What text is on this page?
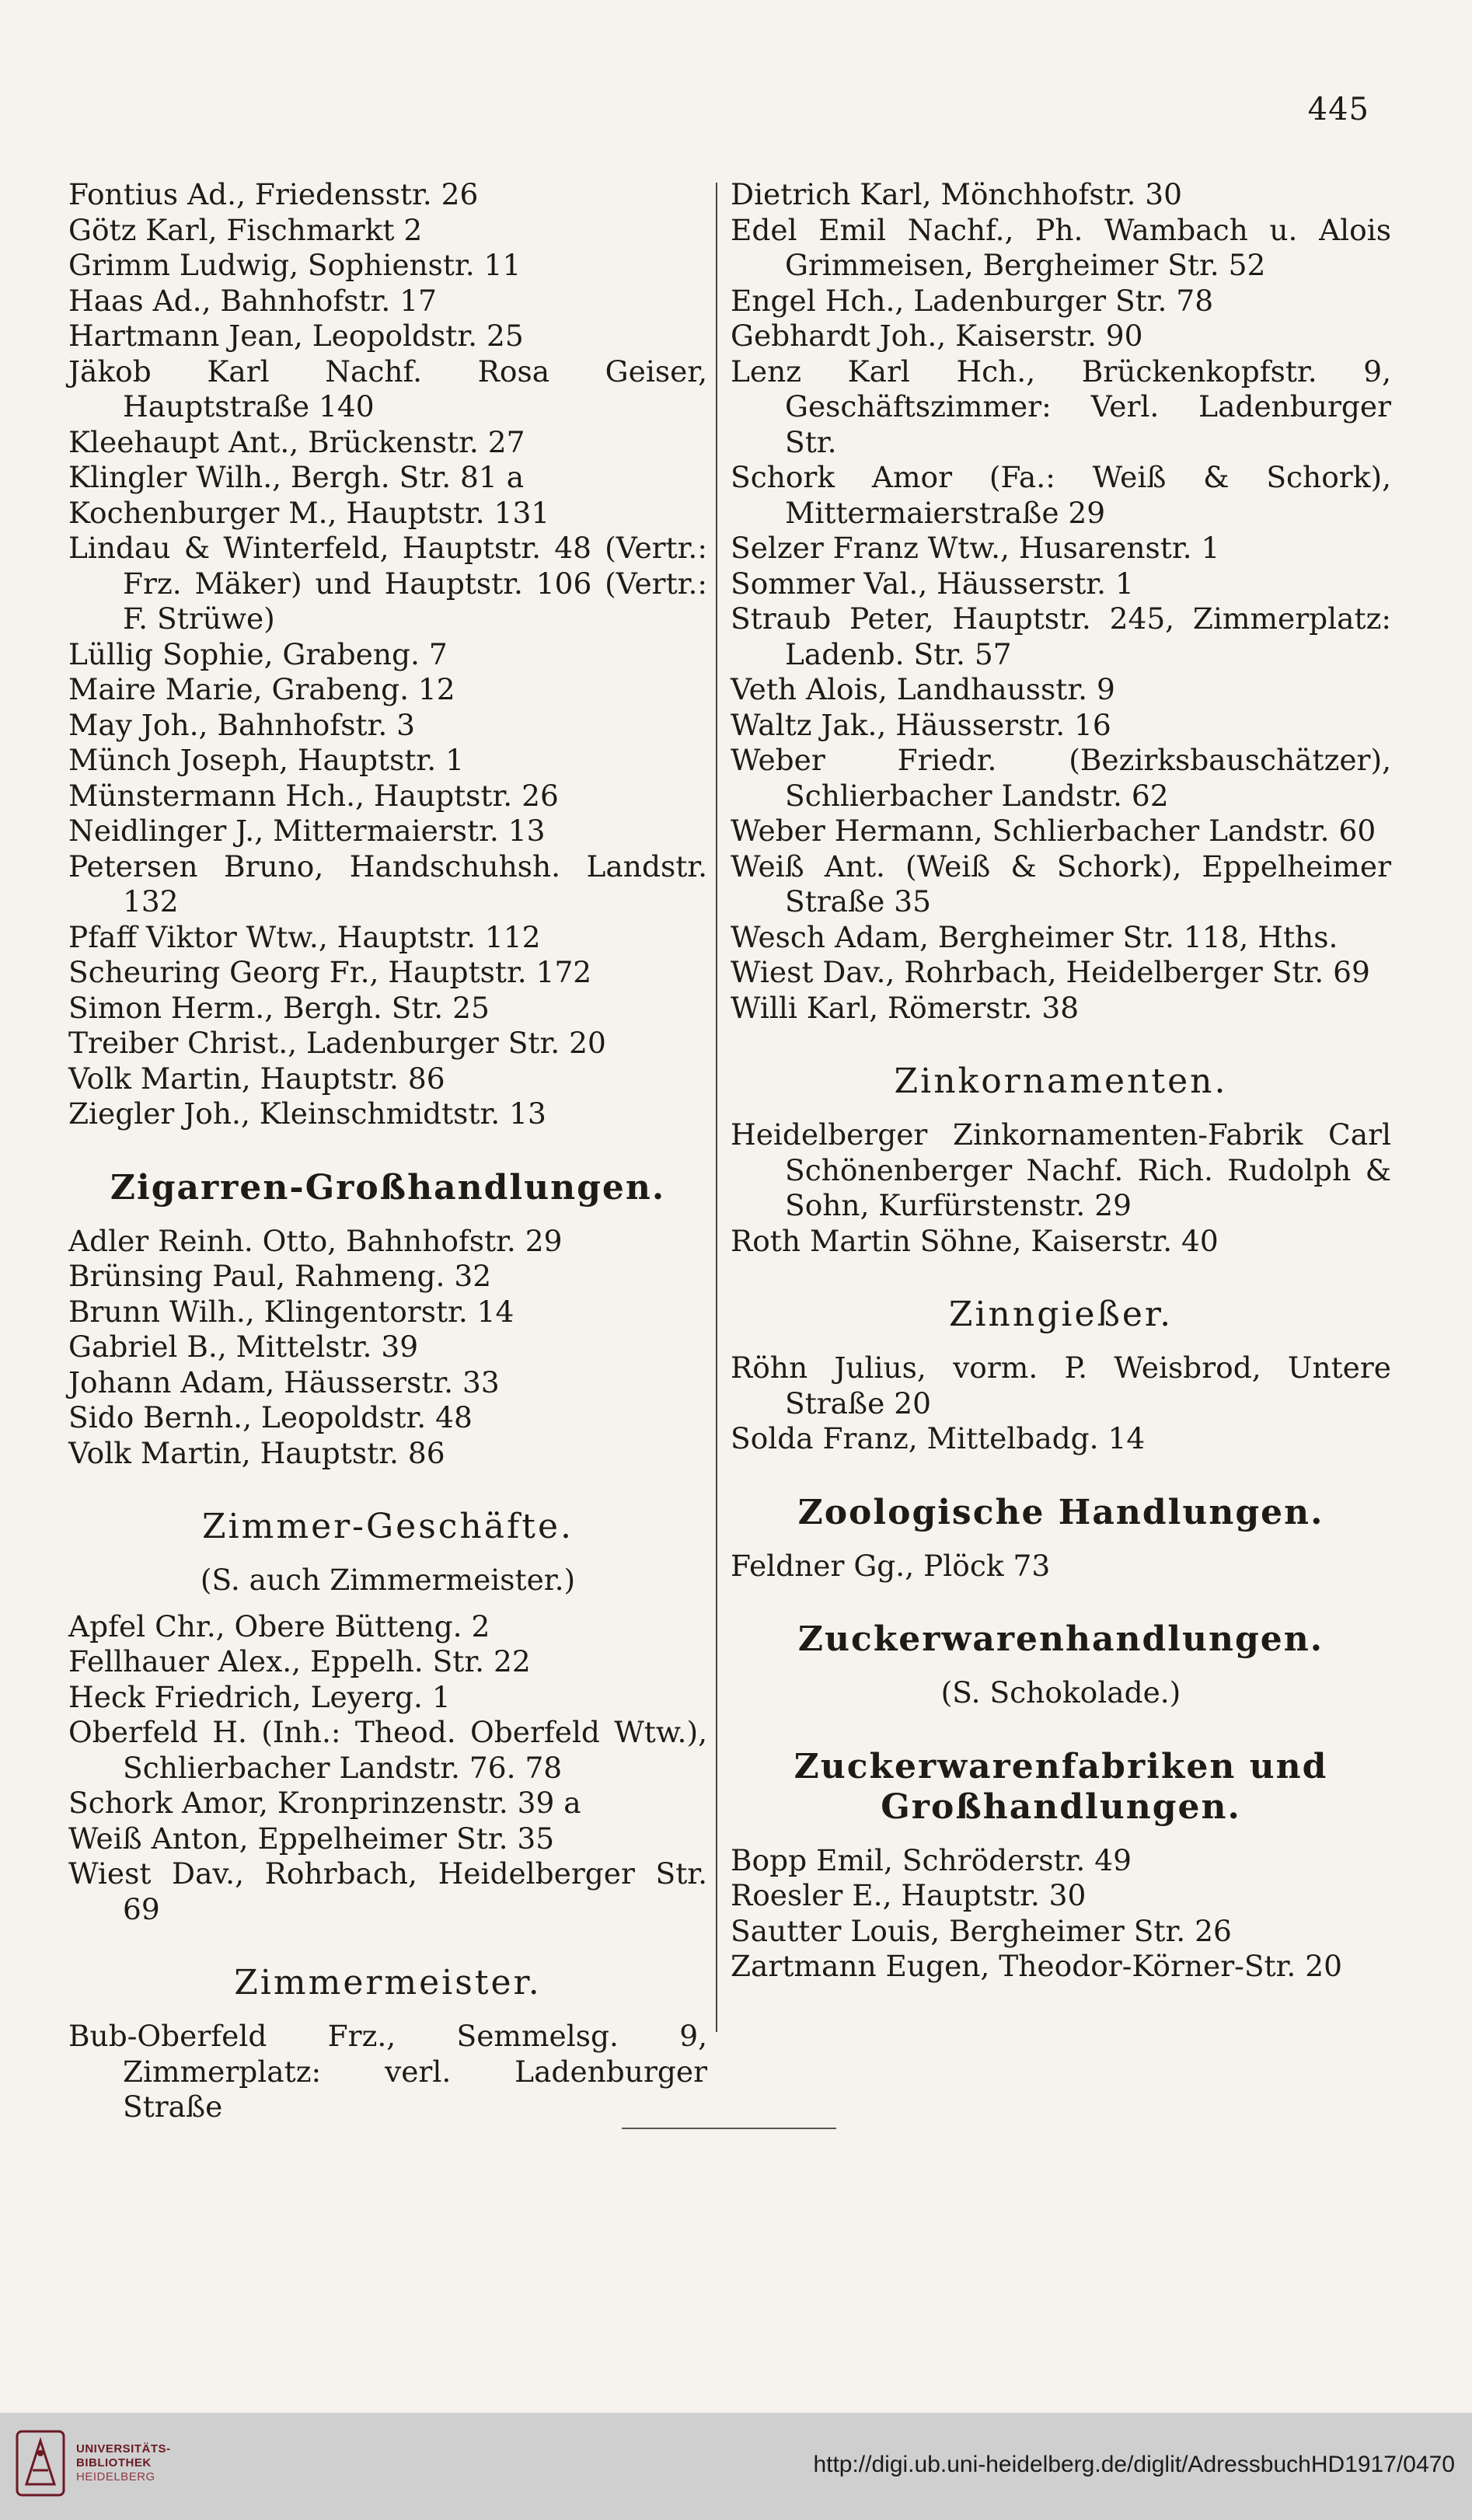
445
Fontius Ad., Friedensstr. 26
Götz Karl, Fischmarkt 2
Grimm Ludwig, Sophienstr. 11
Haas Ad., Bahnhofstr. 17
Hartmann Jean, Leopoldstr. 25
Jäkob Karl Nachf. Rosa Geiser, Hauptstraße 140
Kleehaupt Ant., Brückenstr. 27
Klingler Wilh., Bergh. Str. 81 a
Kochenburger M., Hauptstr. 131
Lindau & Winterfeld, Hauptstr. 48 (Vertr.: Frz. Mäker) und Hauptstr. 106 (Vertr.: F. Strüwe)
Lüllig Sophie, Grabeng. 7
Maire Marie, Grabeng. 12
May Joh., Bahnhofstr. 3
Münch Joseph, Hauptstr. 1
Münstermann Hch., Hauptstr. 26
Neidlinger J., Mittermaierstr. 13
Petersen Bruno, Handschuhsh. Landstr. 132
Pfaff Viktor Wtw., Hauptstr. 112
Scheuring Georg Fr., Hauptstr. 172
Simon Herm., Bergh. Str. 25
Treiber Christ., Ladenburger Str. 20
Volk Martin, Hauptstr. 86
Ziegler Joh., Kleinschmidtstr. 13
Zigarren-Großhandlungen.
Adler Reinh. Otto, Bahnhofstr. 29
Brünsing Paul, Rahmeng. 32
Brunn Wilh., Klingentorstr. 14
Gabriel B., Mittelstr. 39
Johann Adam, Häusserstr. 33
Sido Bernh., Leopoldstr. 48
Volk Martin, Hauptstr. 86
Zimmer-Geschäfte.
(S. auch Zimmermeister.)
Apfel Chr., Obere Bütteng. 2
Fellhauer Alex., Eppelh. Str. 22
Heck Friedrich, Leyerg. 1
Oberfeld H. (Inh.: Theod. Oberfeld Wtw.), Schlierbacher Landstr. 76. 78
Schork Amor, Kronprinzenstr. 39 a
Weiß Anton, Eppelheimer Str. 35
Wiest Dav., Rohrbach, Heidelberger Str. 69
Zimmermeister.
Bub-Oberfeld Frz., Semmelsg. 9, Zimmerplatz: verl. Ladenburger Straße
Dietrich Karl, Mönchhofstr. 30
Edel Emil Nachf., Ph. Wambach u. Alois Grimmeisen, Bergheimer Str. 52
Engel Hch., Ladenburger Str. 78
Gebhardt Joh., Kaiserstr. 90
Lenz Karl Hch., Brückenkopfstr. 9, Geschäftszimmer: Verl. Ladenburger Str.
Schork Amor (Fa.: Weiß & Schork), Mittermaierstraße 29
Selzer Franz Wtw., Husarenstr. 1
Sommer Val., Häusserstr. 1
Straub Peter, Hauptstr. 245, Zimmerplatz: Ladenb. Str. 57
Veth Alois, Landhausstr. 9
Waltz Jak., Häusserstr. 16
Weber Friedr. (Bezirksbauschätzer), Schlierbacher Landstr. 62
Weber Hermann, Schlierbacher Landstr. 60
Weiß Ant. (Weiß & Schork), Eppelheimer Straße 35
Wesch Adam, Bergheimer Str. 118, Hths.
Wiest Dav., Rohrbach, Heidelberger Str. 69
Willi Karl, Römerstr. 38
Zinkornamenten.
Heidelberger Zinkornamenten-Fabrik Carl Schönenberger Nachf. Rich. Rudolph & Sohn, Kurfürstenstr. 29
Roth Martin Söhne, Kaiserstr. 40
Zinngießer.
Röhn Julius, vorm. P. Weisbrod, Untere Straße 20
Solda Franz, Mittelbadg. 14
Zoologische Handlungen.
Feldner Gg., Plöck 73
Zuckerwarenhandlungen.
(S. Schokolade.)
Zuckerwarenfabriken und Großhandlungen.
Bopp Emil, Schröderstr. 49
Roesler E., Hauptstr. 30
Sautter Louis, Bergheimer Str. 26
Zartmann Eugen, Theodor-Körner-Str. 20
UNIVERSITÄTS-
BIBLIOTHEK
HEIDELBERG	http://digi.ub.uni-heidelberg.de/diglit/AdressbuchHD1917/0470
